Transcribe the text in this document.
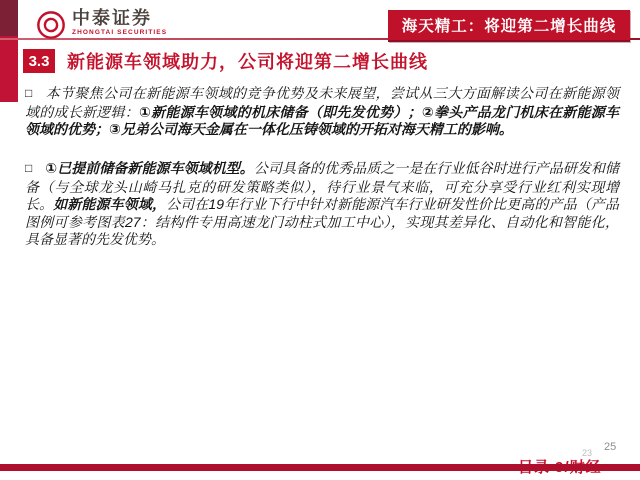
中泰证券
ZHONGTAI SECURITIES	海天精工：将迎第二增长曲线
3.3 新能源车领域助力，公司将迎第二增长曲线

□ 本节聚焦公司在新能源车领域的竞争优势及未来展望，尝试从三大方面解读公司在新能源领域的成长新逻辑：①新能源车领域的机床储备（即先发优势）；②拳头产品龙门机床在新能源车领域的优势；③兄弟公司海天金属在一体化压铸领域的开拓对海天精工的影响。

□ ①已提前储备新能源车领域机型。公司具备的优秀品质之一是在行业低谷时进行产品研发和储备（与全球龙头山崎马扎克的研发策略类似），待行业景气来临，可充分享受行业红利实现增长。如新能源车领域，公司在19年行业下行中针对新能源汽车行业研发性价比更高的产品（产品图例可参考图表27：结构件专用高速龙门动柱式加工中心），实现其差异化、自动化和智能化，具备显著的先发优势。

23 25
